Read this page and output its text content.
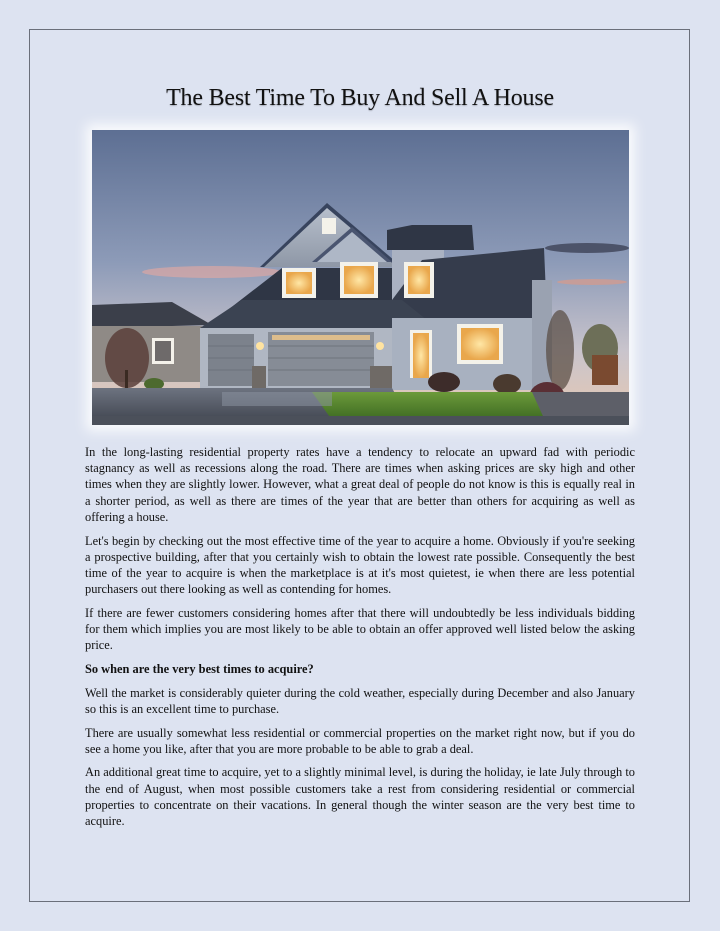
The Best Time To Buy And Sell A House

In the long-lasting residential property rates have a tendency to relocate an upward fad with periodic stagnancy as well as recessions along the road. There are times when asking prices are sky high and other times when they are slightly lower. However, what a great deal of people do not know is this is equally real in a shorter period, as well as there are times of the year that are better than others for acquiring as well as offering a house.

Let's begin by checking out the most effective time of the year to acquire a home. Obviously if you're seeking a prospective building, after that you certainly wish to obtain the lowest rate possible. Consequently the best time of the year to acquire is when the marketplace is at it's most quietest, ie when there are less potential purchasers out there looking as well as contending for homes.

If there are fewer customers considering homes after that there will undoubtedly be less individuals bidding for them which implies you are most likely to be able to obtain an offer approved well listed below the asking price.

So when are the very best times to acquire?

Well the market is considerably quieter during the cold weather, especially during December and also January so this is an excellent time to purchase.

There are usually somewhat less residential or commercial properties on the market right now, but if you do see a home you like, after that you are more probable to be able to grab a deal.

An additional great time to acquire, yet to a slightly minimal level, is during the holiday, ie late July through to the end of August, when most possible customers take a rest from considering residential or commercial properties to concentrate on their vacations. In general though the winter season are the very best time to acquire.
